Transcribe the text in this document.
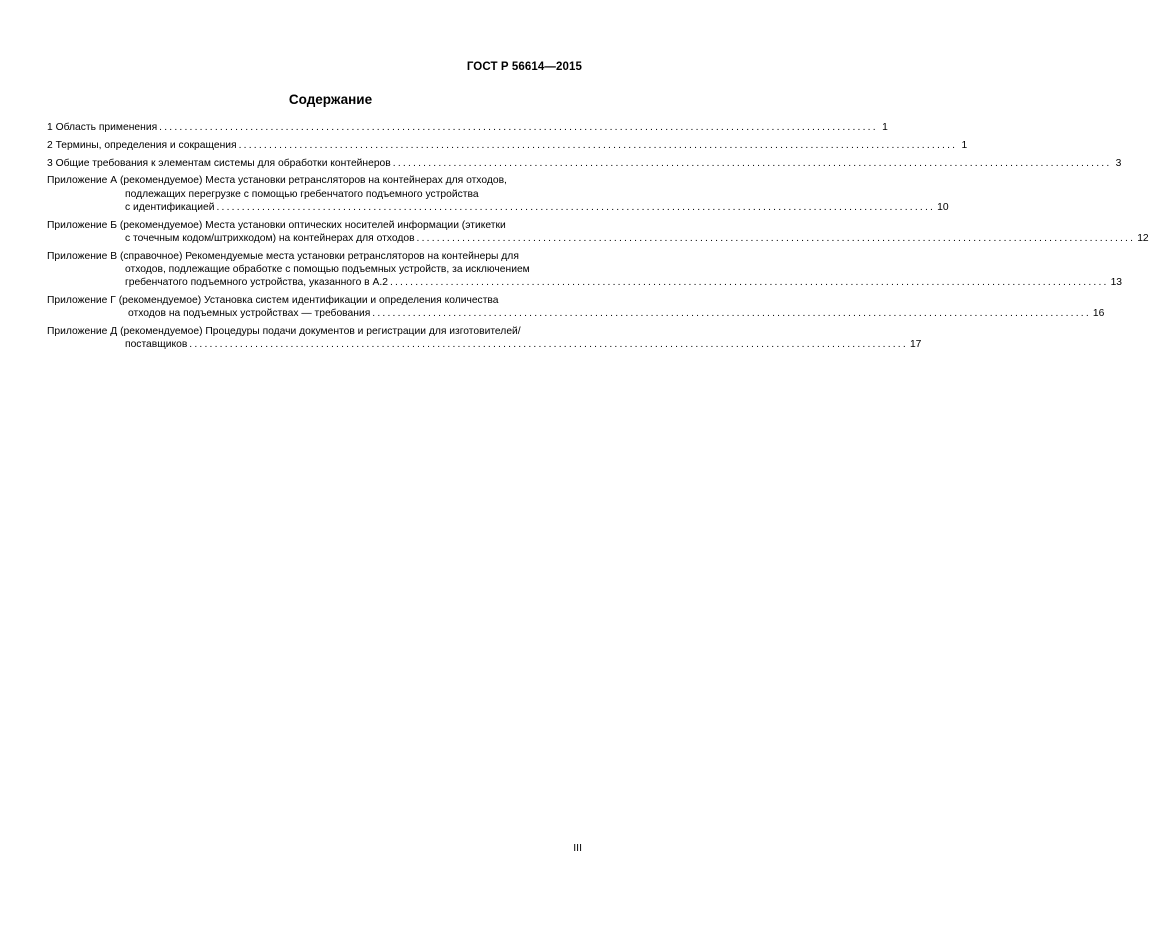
ГОСТ Р 56614—2015
Содержание
1 Область применения .............................................................................................................................................. 1
2 Термины, определения и сокращения .............................................................................................................................................. 1
3 Общие требования к элементам системы для обработки контейнеров .............................................................................................................................................. 3
Приложение А (рекомендуемое) Места установки ретрансляторов на контейнерах для отходов,
подлежащих перегрузке с помощью гребенчатого подъемного устройства
с идентификацией .............................................................................................................................................. 10
Приложение Б (рекомендуемое) Места установки оптических носителей информации (этикетки
с точечным кодом/штрихкодом) на контейнерах для отходов .............................................................................................................................................. 12
Приложение В (справочное) Рекомендуемые места установки ретрансляторов на контейнеры для
отходов, подлежащие обработке с помощью подъемных устройств, за исключением
гребенчатого подъемного устройства, указанного в А.2 .............................................................................................................................................. 13
Приложение Г (рекомендуемое) Установка систем идентификации и определения количества
отходов на подъемных устройствах — требования .............................................................................................................................................. 16
Приложение Д (рекомендуемое) Процедуры подачи документов и регистрации для изготовителей/
поставщиков .............................................................................................................................................. 17
III
